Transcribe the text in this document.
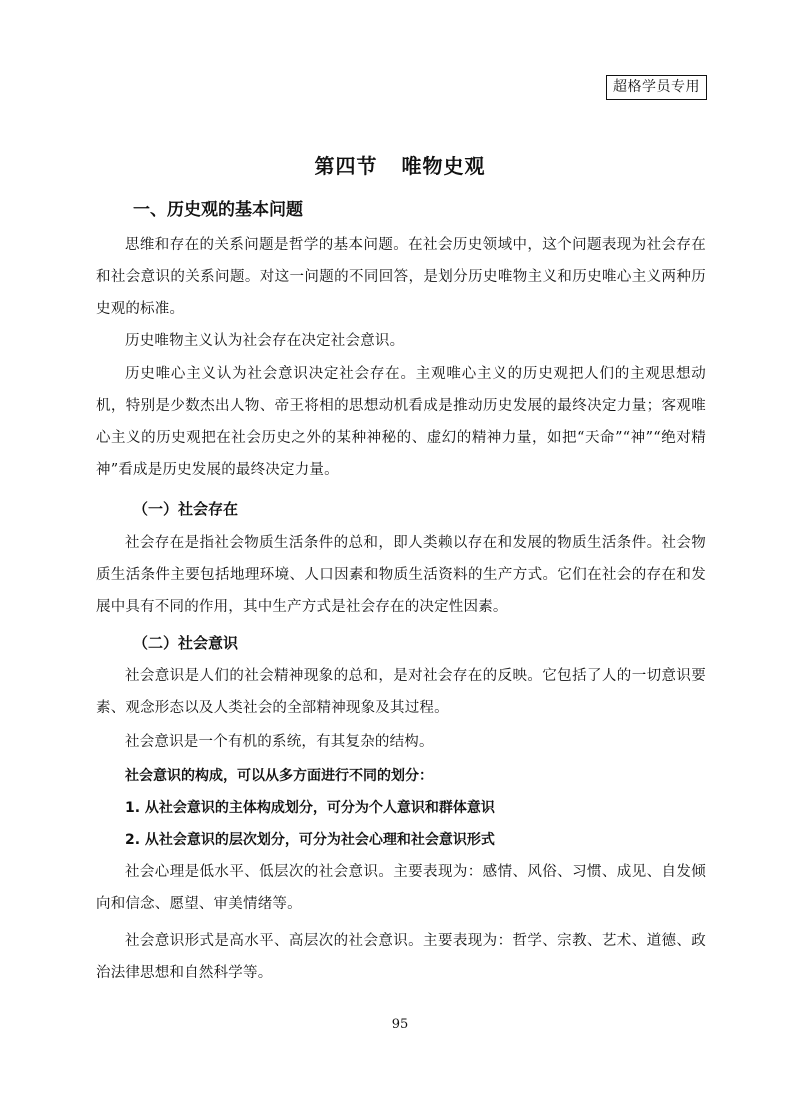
超格学员专用
第四节 唯物史观
一、历史观的基本问题
思维和存在的关系问题是哲学的基本问题。在社会历史领域中，这个问题表现为社会存在和社会意识的关系问题。对这一问题的不同回答，是划分历史唯物主义和历史唯心主义两种历史观的标准。
历史唯物主义认为社会存在决定社会意识。
历史唯心主义认为社会意识决定社会存在。主观唯心主义的历史观把人们的主观思想动机，特别是少数杰出人物、帝王将相的思想动机看成是推动历史发展的最终决定力量；客观唯心主义的历史观把在社会历史之外的某种神秘的、虚幻的精神力量，如把“天命”“神”“绝对精神”看成是历史发展的最终决定力量。
（一）社会存在
社会存在是指社会物质生活条件的总和，即人类赖以存在和发展的物质生活条件。社会物质生活条件主要包括地理环境、人口因素和物质生活资料的生产方式。它们在社会的存在和发展中具有不同的作用，其中生产方式是社会存在的决定性因素。
（二）社会意识
社会意识是人们的社会精神现象的总和，是对社会存在的反映。它包括了人的一切意识要素、观念形态以及人类社会的全部精神现象及其过程。
社会意识是一个有机的系统，有其复杂的结构。
社会意识的构成，可以从多方面进行不同的划分：
1. 从社会意识的主体构成划分，可分为个人意识和群体意识
2. 从社会意识的层次划分，可分为社会心理和社会意识形式
社会心理是低水平、低层次的社会意识。主要表现为：感情、风俗、习惯、成见、自发倾向和信念、愿望、审美情绪等。
社会意识形式是高水平、高层次的社会意识。主要表现为：哲学、宗教、艺术、道德、政治法律思想和自然科学等。
95
